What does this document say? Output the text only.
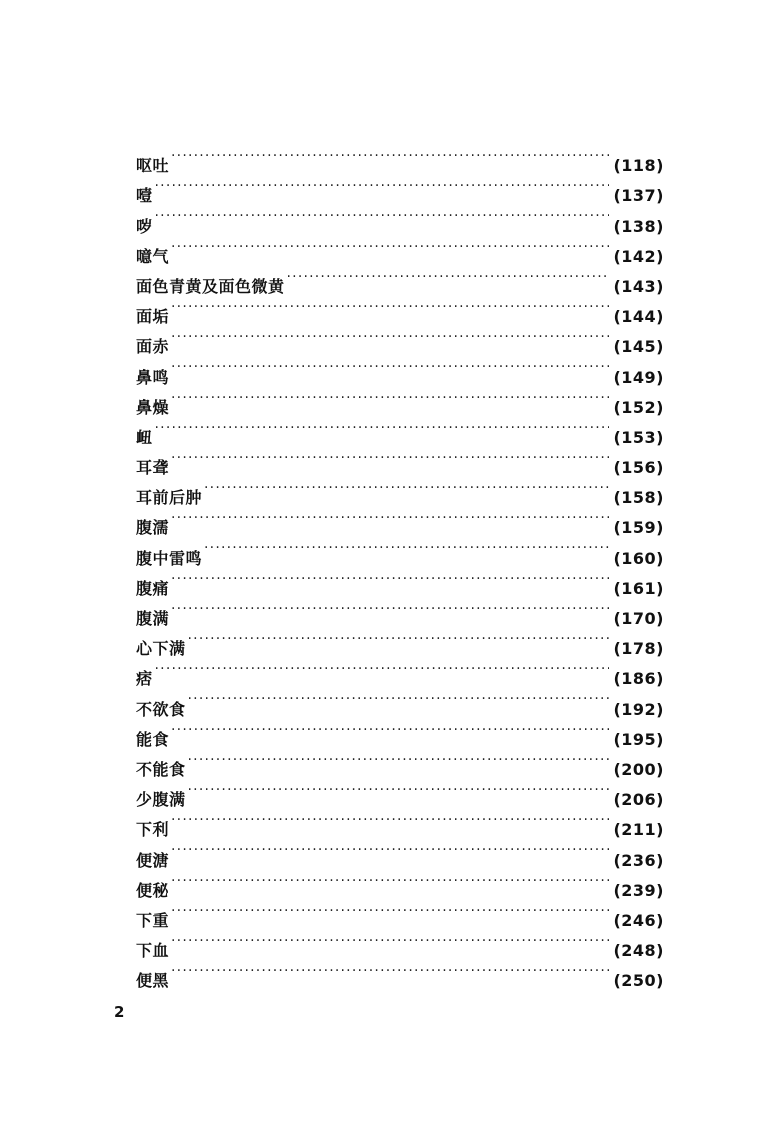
呕吐 ·····	(118)
噎 ·····	(137)
哕 ·····	(138)
噫气 ·····	(142)
面色青黄及面色微黄 ·····	(143)
面垢 ·····	(144)
面赤 ·····	(145)
鼻鸣 ·····	(149)
鼻燥 ·····	(152)
衄 ·····	(153)
耳聋 ·····	(156)
耳前后肿 ·····	(158)
腹濡 ·····	(159)
腹中雷鸣 ·····	(160)
腹痛 ·····	(161)
腹满 ·····	(170)
心下满 ·····	(178)
痞 ·····	(186)
不欲食 ·····	(192)
能食 ·····	(195)
不能食 ·····	(200)
少腹满 ·····	(206)
下利 ·····	(211)
便溏 ·····	(236)
便秘 ·····	(239)
下重 ·····	(246)
下血 ·····	(248)
便黑 ·····	(250)
2
